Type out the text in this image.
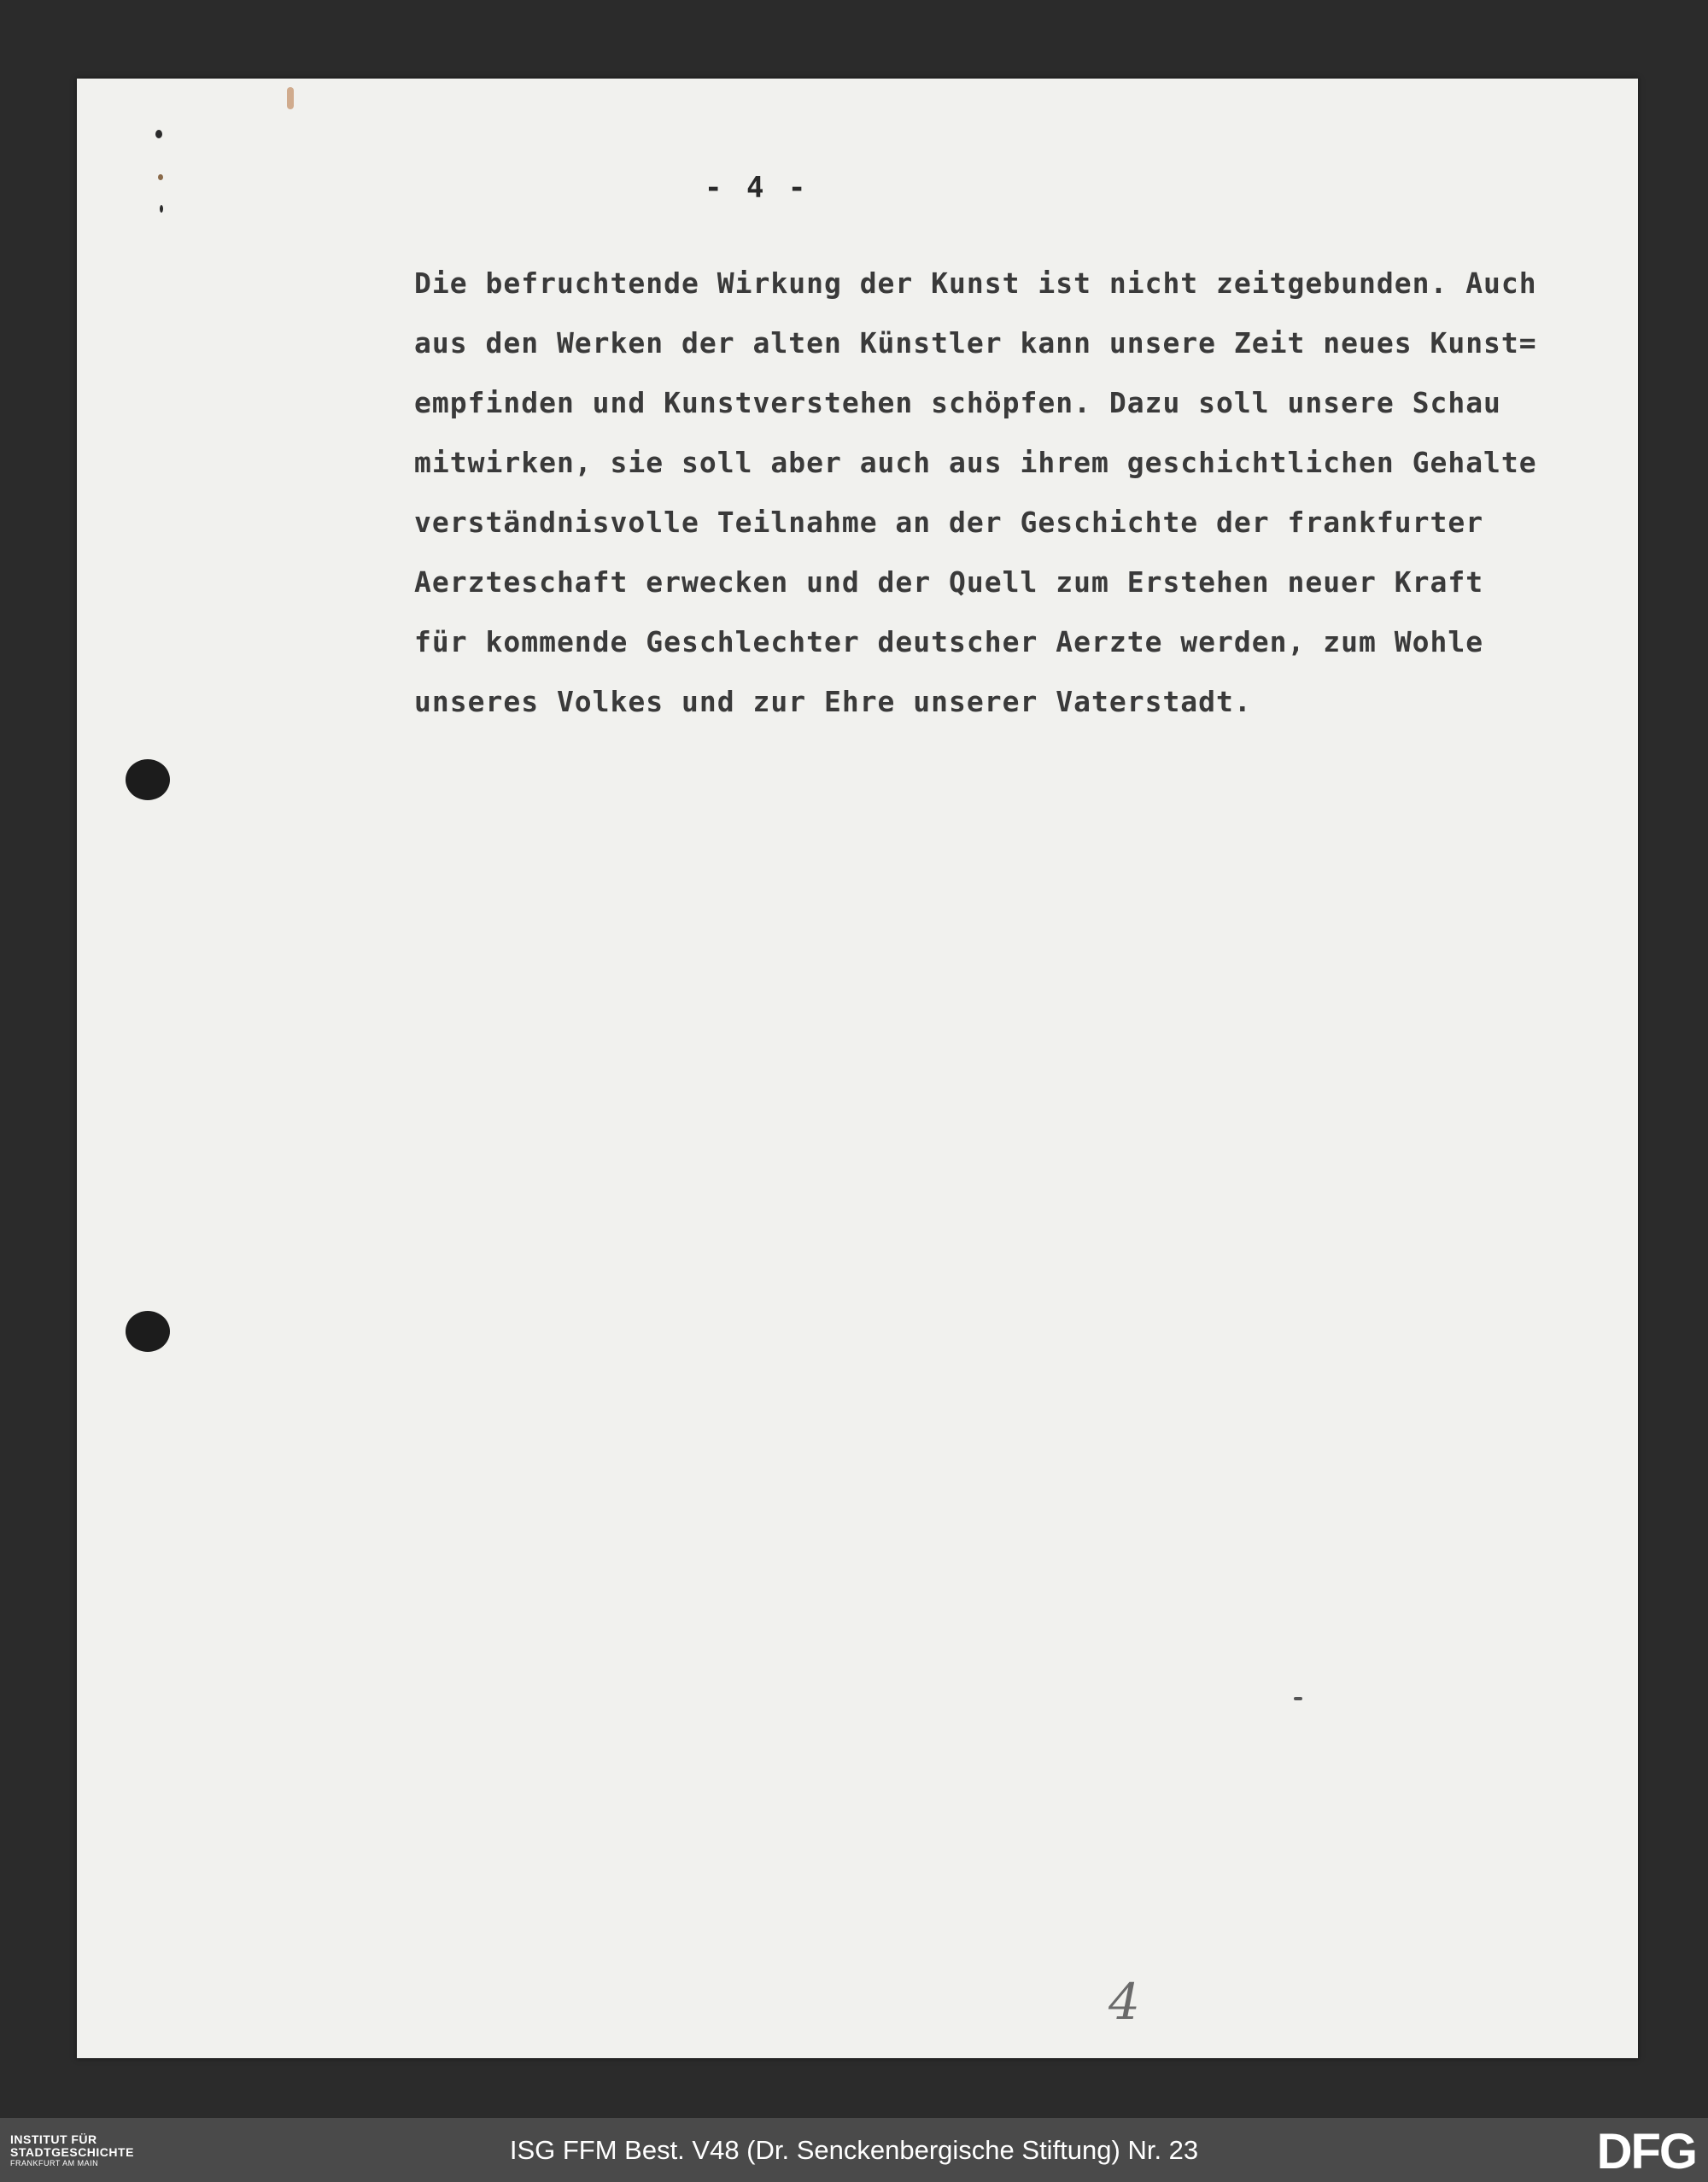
- 4 -
Die befruchtende Wirkung der Kunst ist nicht zeitgebunden. Auch
aus den Werken der alten Künstler kann unsere Zeit neues Kunst=
empfinden und Kunstverstehen schöpfen. Dazu soll unsere Schau
mitwirken, sie soll aber auch aus ihrem geschichtlichen Gehalte
verständnisvolle Teilnahme an der Geschichte der frankfurter
Aerzteschaft erwecken und der Quell zum Erstehen neuer Kraft
für kommende Geschlechter deutscher Aerzte werden, zum Wohle
unseres Volkes und zur Ehre unserer Vaterstadt.
4
INSTITUT FÜR
STADTGESCHICHTE
FRANKFURT AM MAIN	ISG FFM Best. V48 (Dr. Senckenbergische Stiftung) Nr. 23	DFG
